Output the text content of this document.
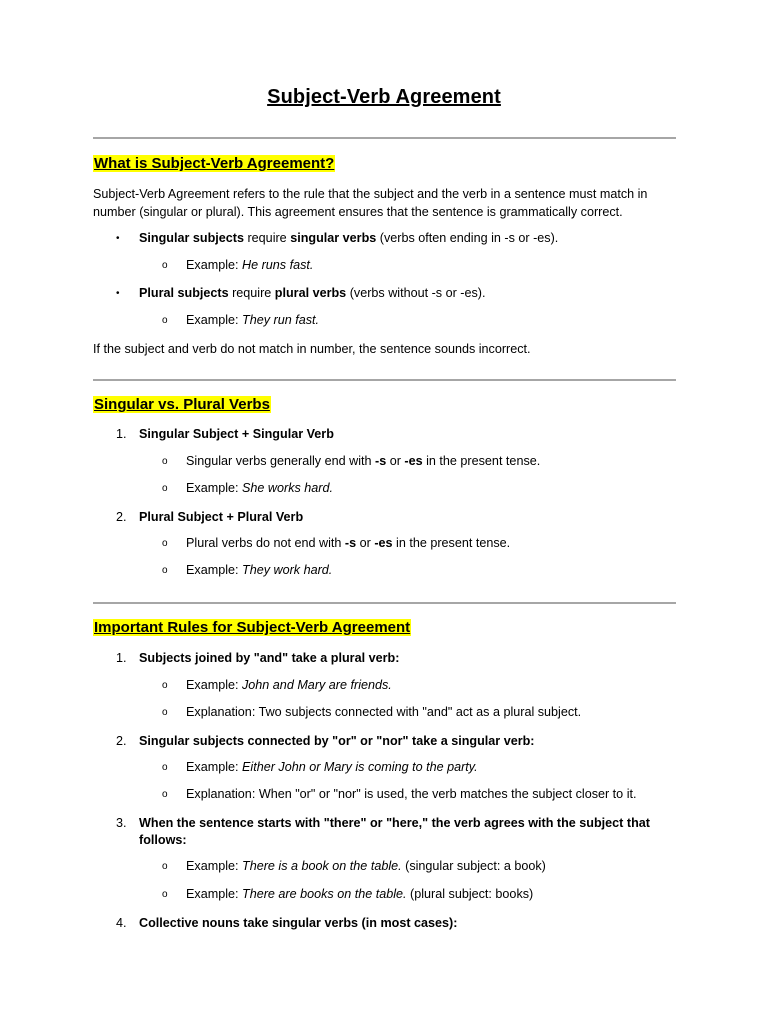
Subject-Verb Agreement
What is Subject-Verb Agreement?
Subject-Verb Agreement refers to the rule that the subject and the verb in a sentence must match in number (singular or plural). This agreement ensures that the sentence is grammatically correct.
• Singular subjects require singular verbs (verbs often ending in -s or -es).
o Example: He runs fast.
• Plural subjects require plural verbs (verbs without -s or -es).
o Example: They run fast.
If the subject and verb do not match in number, the sentence sounds incorrect.
Singular vs. Plural Verbs
1. Singular Subject + Singular Verb
o Singular verbs generally end with -s or -es in the present tense.
o Example: She works hard.
2. Plural Subject + Plural Verb
o Plural verbs do not end with -s or -es in the present tense.
o Example: They work hard.
Important Rules for Subject-Verb Agreement
1. Subjects joined by "and" take a plural verb:
o Example: John and Mary are friends.
o Explanation: Two subjects connected with "and" act as a plural subject.
2. Singular subjects connected by "or" or "nor" take a singular verb:
o Example: Either John or Mary is coming to the party.
o Explanation: When "or" or "nor" is used, the verb matches the subject closer to it.
3. When the sentence starts with "there" or "here," the verb agrees with the subject that follows:
o Example: There is a book on the table. (singular subject: a book)
o Example: There are books on the table. (plural subject: books)
4. Collective nouns take singular verbs (in most cases):
